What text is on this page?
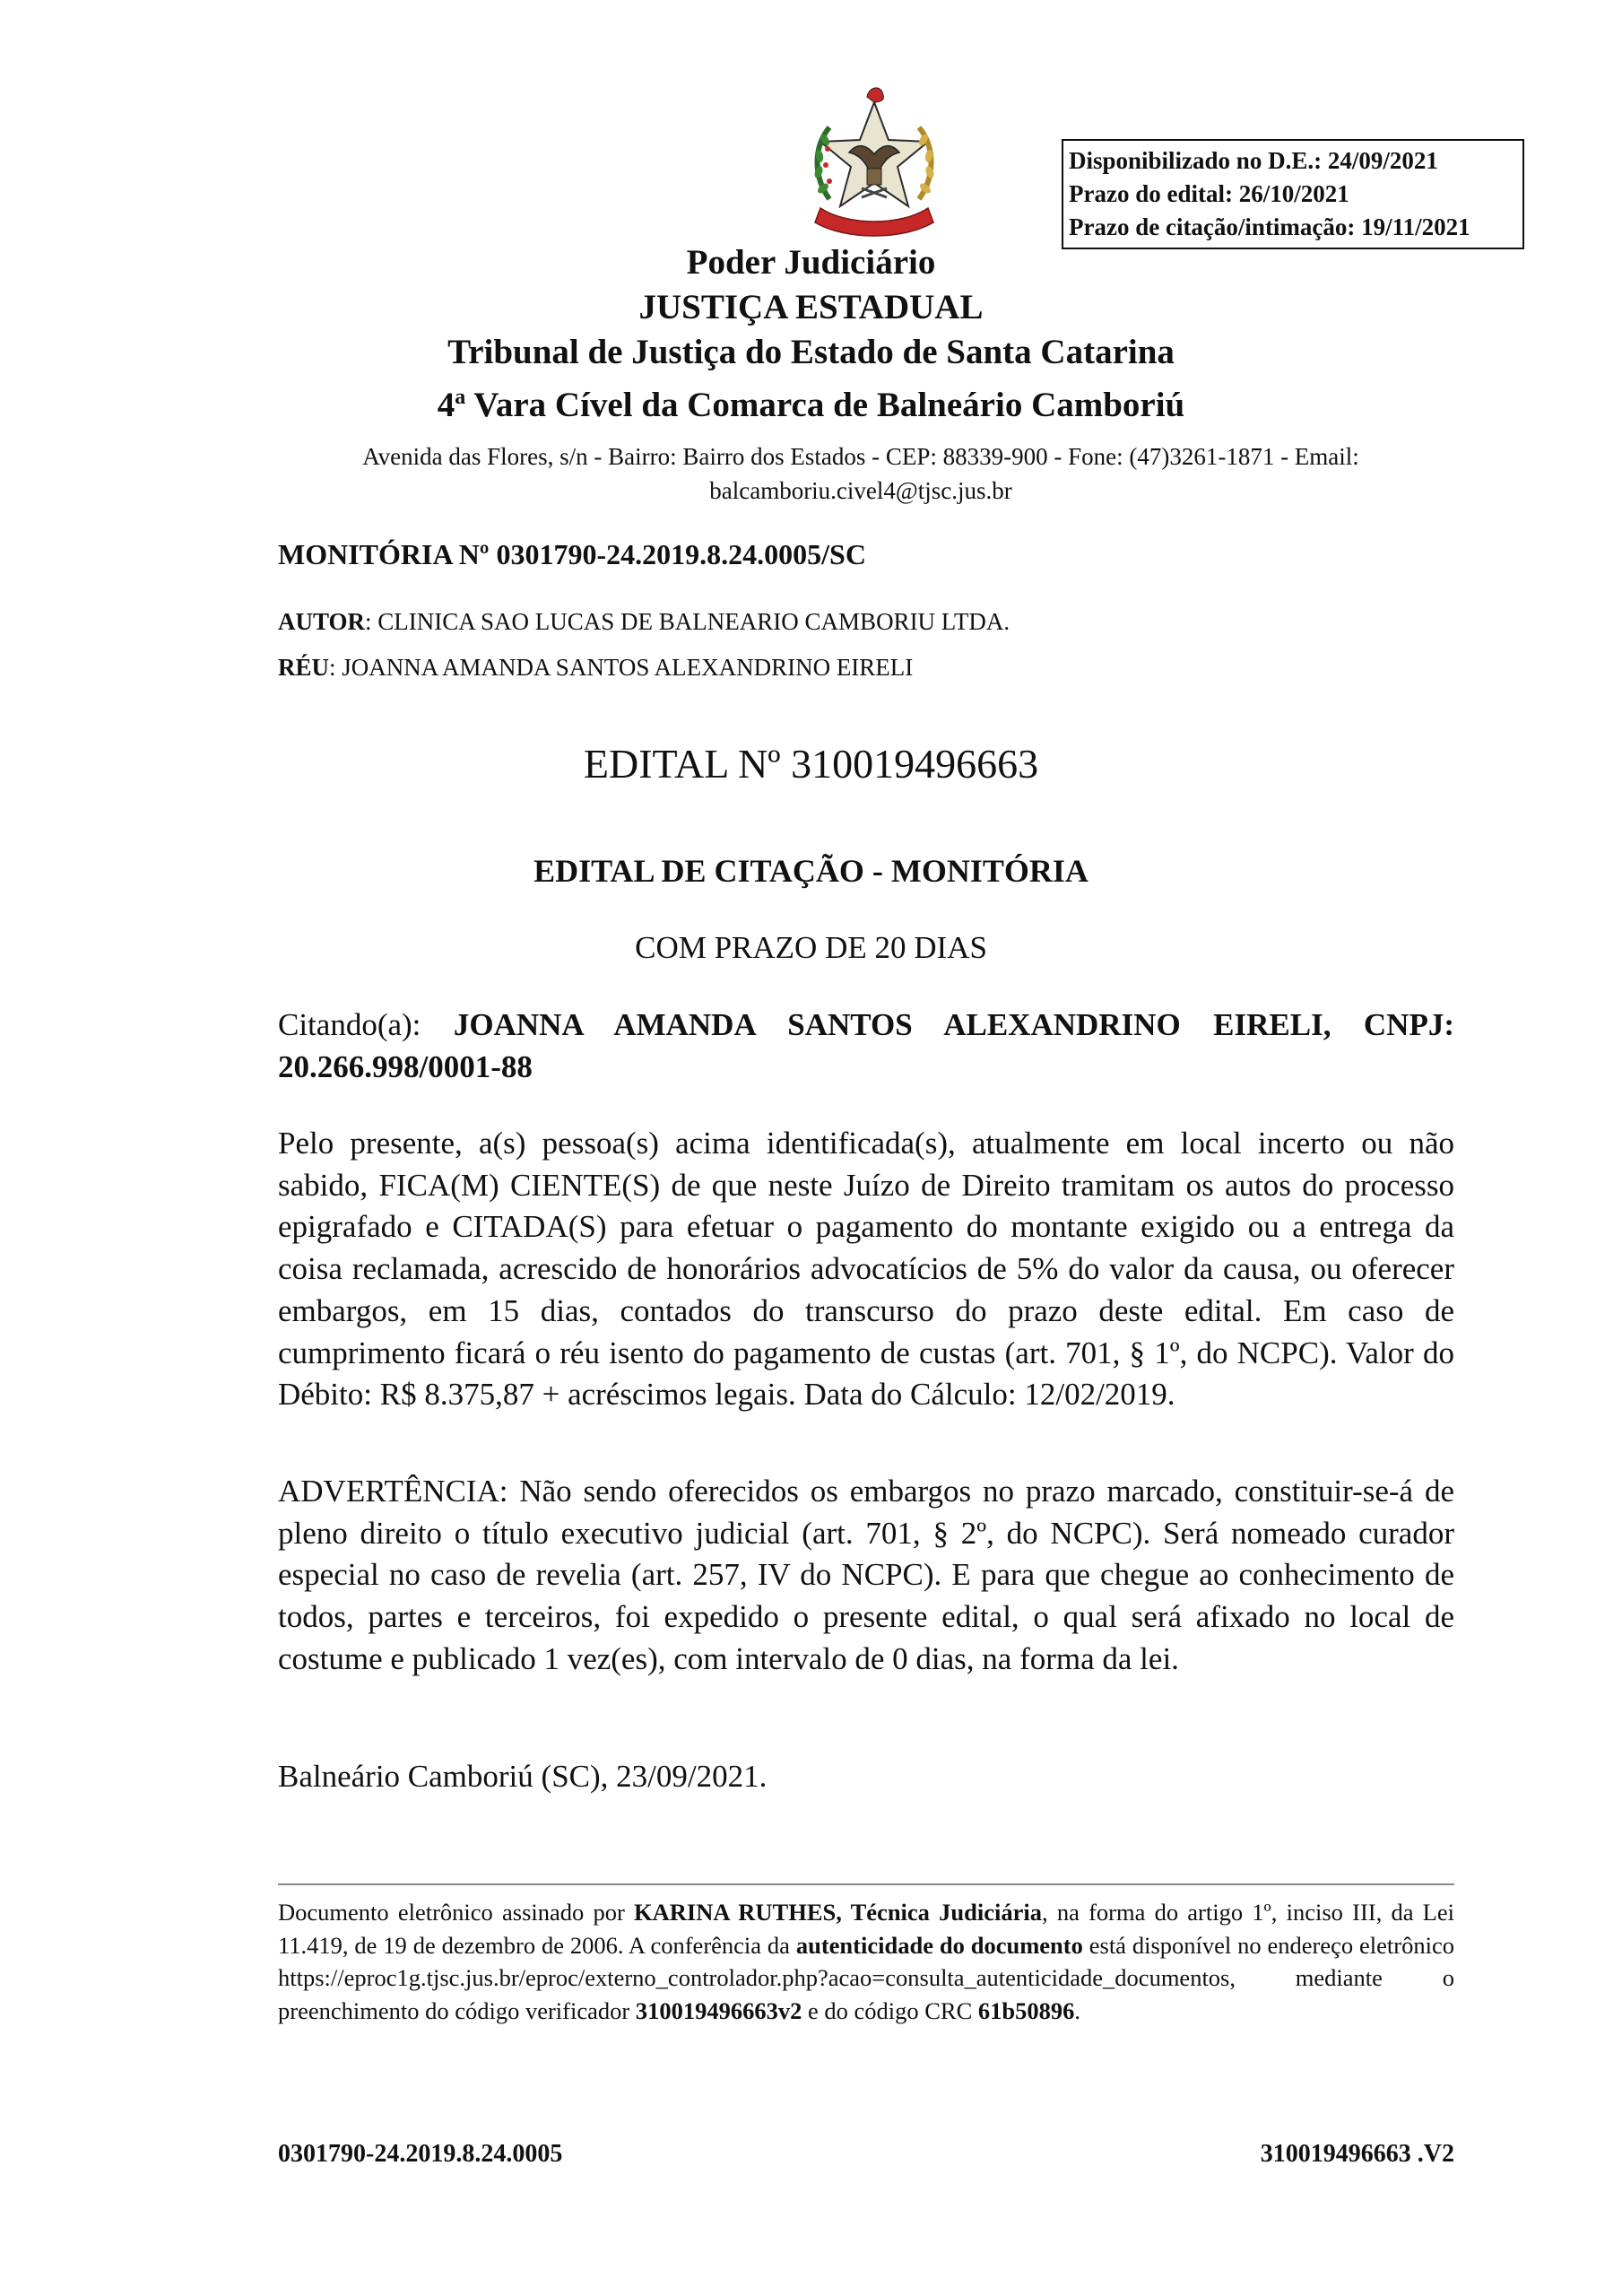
Disponibilizado no D.E.: 24/09/2021
Prazo do edital: 26/10/2021
Prazo de citação/intimação: 19/11/2021
Poder Judiciário
JUSTIÇA ESTADUAL
Tribunal de Justiça do Estado de Santa Catarina
4$^a$ Vara Cível da Comarca de Balneário Camboriú
Avenida das Flores, s/n - Bairro: Bairro dos Estados - CEP: 88339-900 - Fone: (47)3261-1871 - Email: balcamboriu.civel4@tjsc.jus.br
MONITÓRIA Nº 0301790-24.2019.8.24.0005/SC
AUTOR: CLINICA SAO LUCAS DE BALNEARIO CAMBORIU LTDA.
RÉU: JOANNA AMANDA SANTOS ALEXANDRINO EIRELI
EDITAL Nº 310019496663
EDITAL DE CITAÇÃO - MONITÓRIA
COM PRAZO DE 20 DIAS
Citando(a): JOANNA AMANDA SANTOS ALEXANDRINO EIRELI, CNPJ: 20.266.998/0001-88
Pelo presente, a(s) pessoa(s) acima identificada(s), atualmente em local incerto ou não sabido, FICA(M) CIENTE(S) de que neste Juízo de Direito tramitam os autos do processo epigrafado e CITADA(S) para efetuar o pagamento do montante exigido ou a entrega da coisa reclamada, acrescido de honorários advocatícios de 5% do valor da causa, ou oferecer embargos, em 15 dias, contados do transcurso do prazo deste edital. Em caso de cumprimento ficará o réu isento do pagamento de custas (art. 701, § 1º, do NCPC). Valor do Débito: R$ 8.375,87 + acréscimos legais. Data do Cálculo: 12/02/2019.
ADVERTÊNCIA: Não sendo oferecidos os embargos no prazo marcado, constituir-se-á de pleno direito o título executivo judicial (art. 701, § 2º, do NCPC). Será nomeado curador especial no caso de revelia (art. 257, IV do NCPC). E para que chegue ao conhecimento de todos, partes e terceiros, foi expedido o presente edital, o qual será afixado no local de costume e publicado 1 vez(es), com intervalo de 0 dias, na forma da lei.
Balneário Camboriú (SC), 23/09/2021.
Documento eletrônico assinado por KARINA RUTHES, Técnica Judiciária, na forma do artigo 1º, inciso III, da Lei 11.419, de 19 de dezembro de 2006. A conferência da autenticidade do documento está disponível no endereço eletrônico https://eproc1g.tjsc.jus.br/eproc/externo_controlador.php?acao=consulta_autenticidade_documentos, mediante o preenchimento do código verificador 310019496663v2 e do código CRC 61b50896.
0301790-24.2019.8.24.0005	310019496663 .V2
